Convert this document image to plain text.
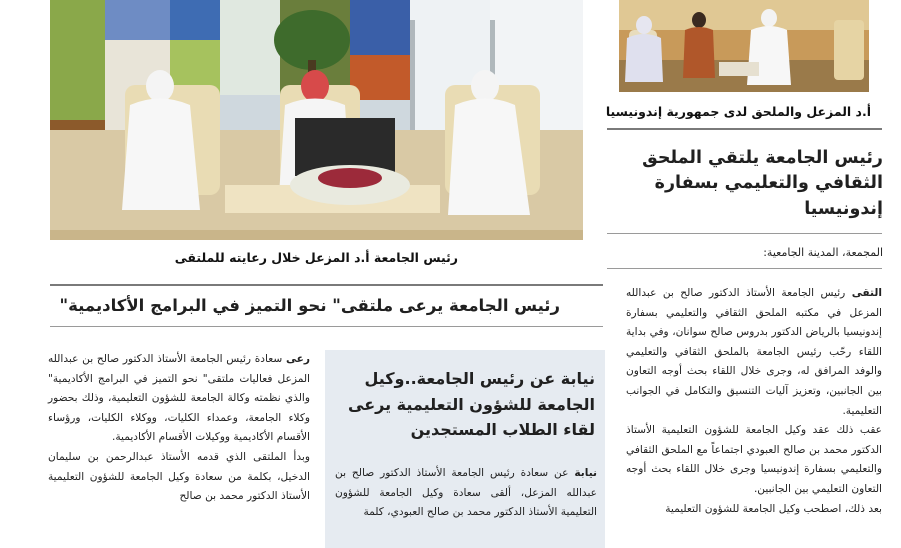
رئيس الجامعة أ.د المزعل خلال رعايته للملتقى
أ.د المزعل والملحق لدى جمهورية إندونيسيا
رئيس الجامعة يلتقي الملحق الثقافي والتعليمي بسفارة إندونيسيا
المجمعة، المدينة الجامعية:
التقى رئيس الجامعة الأستاذ الدكتور صالح بن عبدالله المزعل في مكتبه الملحق الثقافي والتعليمي بسفارة إندونيسيا بالرياض الدكتور بدروس صالح سوانان، وفي بداية اللقاء رحّب رئيس الجامعة بالملحق الثقافي والتعليمي والوفد المرافق له، وجرى خلال اللقاء بحث أوجه التعاون بين الجانبين، وتعزيز آليات التنسيق والتكامل في الجوانب التعليمية.
عقب ذلك عقد وكيل الجامعة للشؤون التعليمية الأستاذ الدكتور محمد بن صالح العبودي اجتماعاً مع الملحق الثقافي والتعليمي بسفارة إندونيسيا وجرى خلال اللقاء بحث أوجه التعاون التعليمي بين الجانبين.
بعد ذلك، اصطحب وكيل الجامعة للشؤون التعليمية
رئيس الجامعة يرعى ملتقى" نحو التميز في البرامج الأكاديمية"
رعى سعادة رئيس الجامعة الأستاذ الدكتور صالح بن عبدالله المزعل فعاليات ملتقى" نحو التميز في البرامج الأكاديمية" والذي نظمته وكالة الجامعة للشؤون التعليمية، وذلك بحضور وكلاء الجامعة، وعمداء الكليات، ووكلاء الكليات، ورؤساء الأقسام الأكاديمية ووكيلات الأقسام الأكاديمية.
وبدأ الملتقى الذي قدمه الأستاذ عبدالرحمن بن سليمان الدخيل، بكلمة من سعادة وكيل الجامعة للشؤون التعليمية الأستاذ الدكتور محمد بن صالح
نيابة عن رئيس الجامعة..وكيل الجامعة للشؤون التعليمية يرعى لقاء الطلاب المستجدين
نيابة عن سعادة رئيس الجامعة الأستاذ الدكتور صالح بن عبدالله المزعل، ألقى سعادة وكيل الجامعة للشؤون التعليمية الأستاذ الدكتور محمد بن صالح العبودي، كلمة
